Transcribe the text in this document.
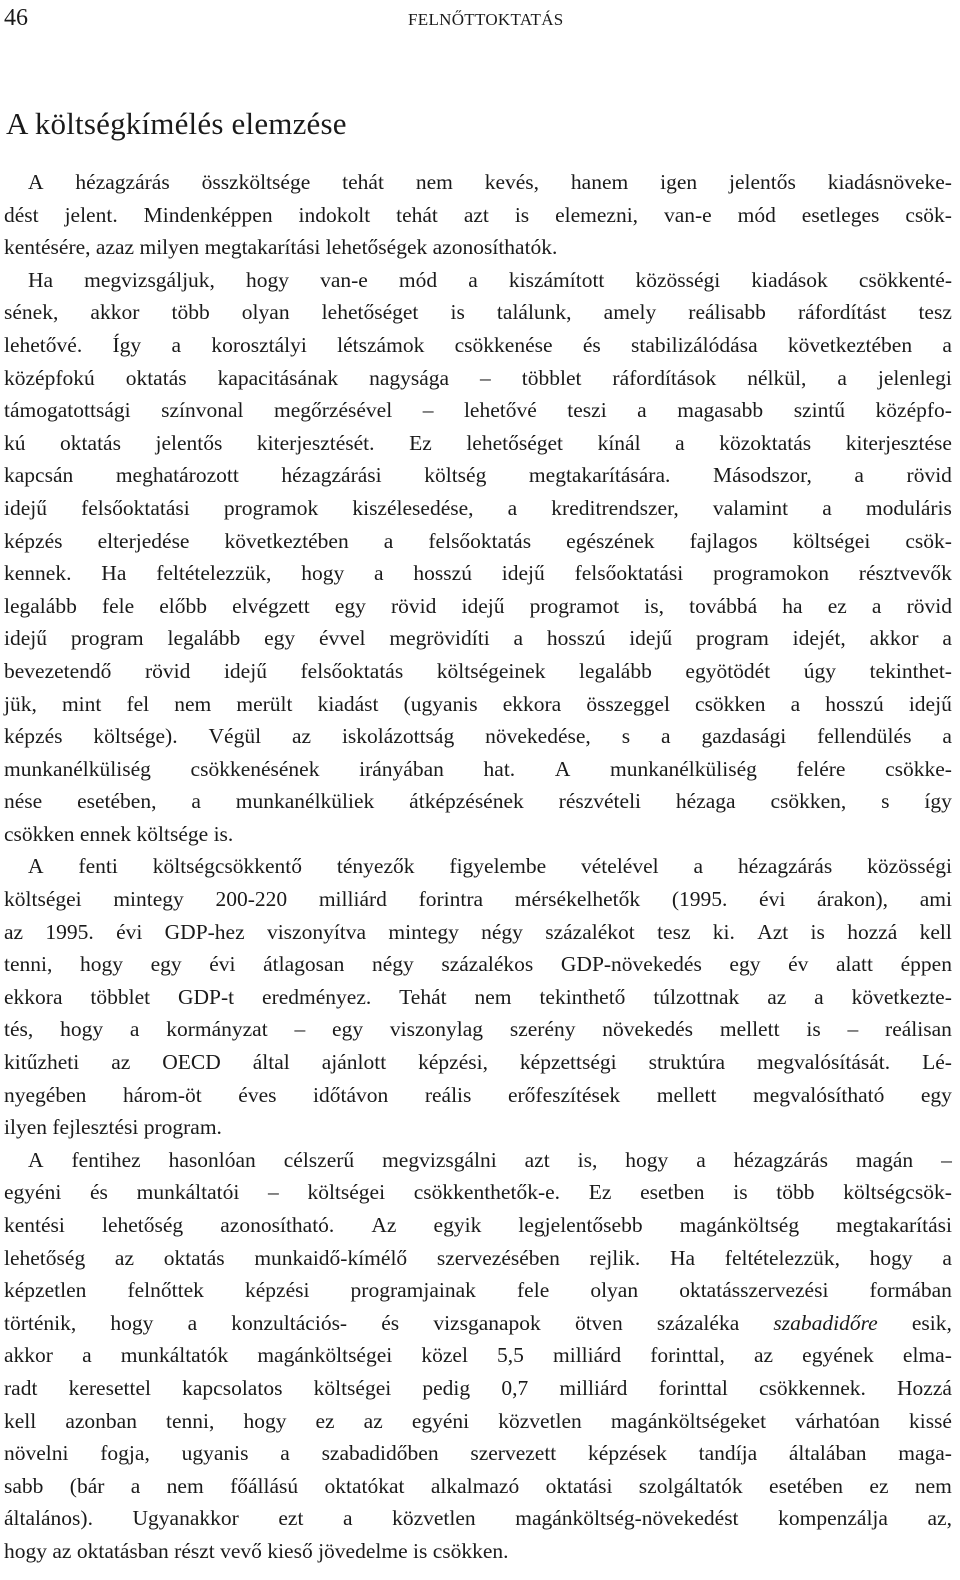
46	FELNŐTTOKTATÁS
A költségkímélés elemzése
A hézagzárás összköltsége tehát nem kevés, hanem igen jelentős kiadásnöveke-
dést jelent. Mindenképpen indokolt tehát azt is elemezni, van-e mód esetleges csök-
kentésére,
azaz
milyen
megtakarítási
lehetőségek
azonosíthatók.
Ha megvizsgáljuk, hogy van-e mód a kiszámított közösségi kiadások csökkenté-
sének, akkor több olyan lehetőséget is találunk, amely reálisabb ráfordítást tesz
lehetővé. Így a korosztályi létszámok csökkenése és stabilizálódása következtében a
középfokú oktatás kapacitásának nagysága – többlet ráfordítások nélkül, a jelenlegi
támogatottsági színvonal megőrzésével – lehetővé teszi a magasabb szintű középfo-
kú oktatás jelentős kiterjesztését. Ez lehetőséget kínál a közoktatás kiterjesztése
kapcsán meghatározott hézagzárási költség megtakarítására. Másodszor, a rövid
idejű felsőoktatási programok kiszélesedése, a kreditrendszer, valamint a moduláris
képzés elterjedése következtében a felsőoktatás egészének fajlagos költségei csök-
kennek. Ha feltételezzük, hogy a hosszú idejű felsőoktatási programokon résztvevők
legalább fele előbb elvégzett egy rövid idejű programot is, továbbá ha ez a rövid
idejű program legalább egy évvel megrövidíti a hosszú idejű program idejét, akkor a
bevezetendő rövid idejű felsőoktatás költségeinek legalább egyötödét úgy tekinthet-
jük, mint fel nem merült kiadást (ugyanis ekkora összeggel csökken a hosszú idejű
képzés költsége). Végül az iskolázottság növekedése, s a gazdasági fellendülés a
munkanélküliség csökkenésének irányában hat. A munkanélküliség felére csökke-
nése esetében, a munkanélküliek átképzésének részvételi hézaga csökken, s így
csökken
ennek
költsége
is.
A fenti költségcsökkentő tényezők figyelembe vételével a hézagzárás közösségi
költségei mintegy 200-220 milliárd forintra mérsékelhetők (1995. évi árakon), ami
az 1995. évi GDP-hez viszonyítva mintegy négy százalékot tesz ki. Azt is hozzá kell
tenni, hogy egy évi átlagosan négy százalékos GDP-növekedés egy év alatt éppen
ekkora többlet GDP-t eredményez. Tehát nem tekinthető túlzottnak az a következte-
tés, hogy a kormányzat – egy viszonylag szerény növekedés mellett is – reálisan
kitűzheti az OECD által ajánlott képzési, képzettségi struktúra megvalósítását. Lé-
nyegében három-öt éves időtávon reális erőfeszítések mellett megvalósítható egy
ilyen
fejlesztési
program.
A fentihez hasonlóan célszerű megvizsgálni azt is, hogy a hézagzárás magán –
egyéni és munkáltatói – költségei csökkenthetők-e. Ez esetben is több költségcsök-
kentési lehetőség azonosítható. Az egyik legjelentősebb magánköltség megtakarítási
lehetőség az oktatás munkaidő-kímélő szervezésében rejlik. Ha feltételezzük, hogy a
képzetlen felnőttek képzési programjainak fele olyan oktatásszervezési formában
történik, hogy a konzultációs- és vizsganapok ötven százaléka szabadidőre esik,
akkor a munkáltatók magánköltségei közel 5,5 milliárd forinttal, az egyének elma-
radt keresettel kapcsolatos költségei pedig 0,7 milliárd forinttal csökkennek. Hozzá
kell azonban tenni, hogy ez az egyéni közvetlen magánköltségeket várhatóan kissé
növelni fogja, ugyanis a szabadidőben szervezett képzések tandíja általában maga-
sabb (bár a nem főállású oktatókat alkalmazó oktatási szolgáltatók esetében ez nem
általános). Ugyanakkor ezt a közvetlen magánköltség-növekedést kompenzálja az,
hogy
az
oktatásban
részt
vevő
kieső
jövedelme
is
csökken.
